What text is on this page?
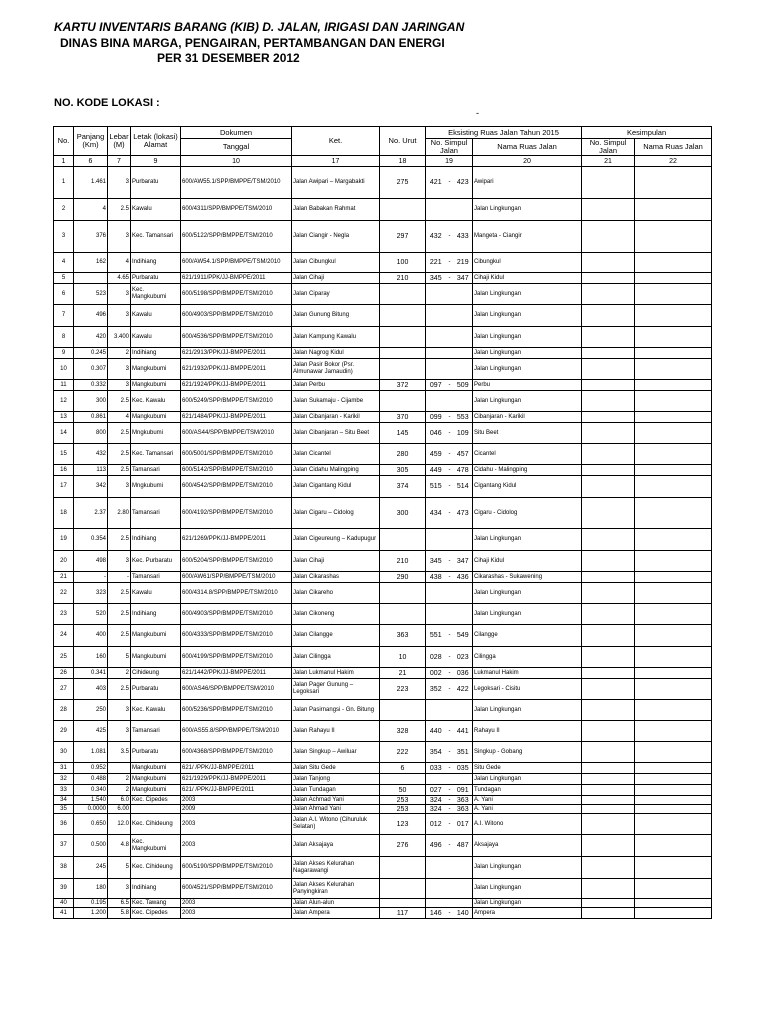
KARTU INVENTARIS BARANG (KIB) D. JALAN, IRIGASI DAN JARINGAN
DINAS BINA MARGA, PENGAIRAN, PERTAMBANGAN DAN ENERGI
PER 31 DESEMBER 2012
NO. KODE LOKASI :
-
No.	Panjang (Km)	Lebar (M)	Letak (lokasi) Alamat	Dokumen	Ket.	No. Urut	Eksisting Ruas Jalan Tahun 2015				Kesimpulan	
				Tanggal			No. Simpul Jalan			Nama Ruas Jalan	No. Simpul Jalan	Nama Ruas Jalan
1	6	7	9	10	17	18	19			20	21	22
1	1.461	3	Purbaratu	600/AW55.1/SPP/BMPPE/TSM/2010	Jalan Awipari – Margabakti	275	421	-	423	Awipari		
2	4	2.5	Kawalu	600/4311/SPP/BMPPE/TSM/2010	Jalan Babakan Rahmat					Jalan Lingkungan		
3	376	3	Kec. Tamansari	600/5122/SPP/BMPPE/TSM/2010	Jalan Ciangir - Negla	297	432	-	433	Mangeta - Ciangir		
4	162	4	Indihiang	600/AW54.1/SPP/BMPPE/TSM/2010	Jalan Cibungkul	100	221	-	219	Cibungkul		
5		4.65	Purbaratu	621/1911/PPK/JJ-BMPPE/2011	Jalan Cihaji	210	345	-	347	Cihaji Kidul		
6	523	3	Kec. Mangkubumi	600/5198/SPP/BMPPE/TSM/2010	Jalan Ciparay					Jalan Lingkungan		
7	496	3	Kawalu	600/4903/SPP/BMPPE/TSM/2010	Jalan Gunung Bitung					Jalan Lingkungan		
8	420	3.400	Kawalu	600/4536/SPP/BMPPE/TSM/2010	Jalan Kampung Kawalu					Jalan Lingkungan		
9	0.245	2	Indihiang	621/2913/PPK/JJ-BMPPE/2011	Jalan Nagrog Kidul					Jalan Lingkungan		
10	0.307	3	Mangkubumi	621/1932/PPK/JJ-BMPPE/2011	Jalan Pasir Bokor (Psr. Almunawar Jamaudin)					Jalan Lingkungan		
11	0.332	3	Mangkubumi	621/1924/PPK/JJ-BMPPE/2011	Jalan Perbu	372	097	-	509	Perbu		
12	300	2.5	Kec. Kawalu	600/5249/SPP/BMPPE/TSM/2010	Jalan Sukamaju - Cijambe					Jalan Lingkungan		
13	0.861	4	Mangkubumi	621/1484/PPK/JJ-BMPPE/2011	Jalan Cibanjaran - Karikil	370	099	-	553	Cibanjaran - Karikil		
14	800	2.5	Mngkubumi	600/AS44/SPP/BMPPE/TSM/2010	Jalan Cibanjaran – Situ Beet	145	046	-	109	Situ Beet		
15	432	2.5	Kec. Tamansari	600/5001/SPP/BMPPE/TSM/2010	Jalan Cicantel	280	459	-	457	Cicantel		
16	113	2.5	Tamansari	600/5142/SPP/BMPPE/TSM/2010	Jalan Cidahu Malingping	305	449	-	478	Cidahu - Malingping		
17	342	3	Mngkubumi	600/4542/SPP/BMPPE/TSM/2010	Jalan Cigantang Kidul	374	515	-	514	Cigantang Kidul		
18	2.37	2.80	Tamansari	600/4192/SPP/BMPPE/TSM/2010	Jalan Cigaru – Cidolog	300	434	-	473	Cigaru - Cidolog		
19	0.354	2.5	Indihiang	621/1269/PPK/JJ-BMPPE/2011	Jalan Cigeureung – Kadupugur					Jalan Lingkungan		
20	498	3	Kec. Purbaratu	600/5204/SPP/BMPPE/TSM/2010	Jalan Cihaji	210	345	-	347	Cihaji Kidul		
21	-	-	Tamansari	600/AW61/SPP/BMPPE/TSM/2010	Jalan Cikarashas	290	438	-	436	Cikarashas - Sukawening		
22	323	2.5	Kawalu	600/4314.8/SPP/BMPPE/TSM/2010	Jalan Cikareho					Jalan Lingkungan		
23	520	2.5	Indihiang	600/4903/SPP/BMPPE/TSM/2010	Jalan Cikoneng					Jalan Lingkungan		
24	400	2.5	Mangkubumi	600/4333/SPP/BMPPE/TSM/2010	Jalan Cilangge	363	551	-	549	Cilangge		
25	160	5	Mangkubumi	600/4199/SPP/BMPPE/TSM/2010	Jalan Cilingga	10	028	-	023	Cilingga		
26	0.341	2	Cihideung	621/1442/PPK/JJ-BMPPE/2011	Jalan Lukmanul Hakim	21	002	-	036	Lukmanul Hakim		
27	403	2.5	Purbaratu	600/AS46/SPP/BMPPE/TSM/2010	Jalan Pager Gunung – Legoksari	223	352	-	422	Legoksari - Cisitu		
28	250	3	Kec. Kawalu	600/5236/SPP/BMPPE/TSM/2010	Jalan Pasirnangsi - Gn. Bitung					Jalan Lingkungan		
29	425	3	Tamansari	600/AS55.8/SPP/BMPPE/TSM/2010	Jalan Rahayu II	328	440	-	441	Rahayu II		
30	1.081	3.5	Purbaratu	600/4368/SPP/BMPPE/TSM/2010	Jalan Singkup – Awiluar	222	354	-	351	Singkup - Gobang		
31	0.952		Mangkubumi	621/ /PPK/JJ-BMPPE/2011	Jalan Situ Gede	6	033	-	035	Situ Gede		
32	0.488	2	Mangkubumi	621/1929/PPK/JJ-BMPPE/2011	Jalan Tanjong					Jalan Lingkungan		
33	0.340	2	Mangkubumi	621/ /PPK/JJ-BMPPE/2011	Jalan Tundagan	50	027	-	091	Tundagan		
34	1.540	6.0	Kec. Cipedes	2003	Jalan Achmad Yani	253	324	-	363	A. Yani		
35	0.0000	6.00		2009	Jalan Ahmad Yani	253	324	-	363	A. Yani		
36	0.650	12.0	Kec. Cihideung	2003	Jalan A.I. Witono (Cihuruluk Selatan)	123	012	-	017	A.I. Witono		
37	0.500	4.8	Kec. Mangkubumi	2003	Jalan Aksajaya	276	496	-	487	Aksajaya		
38	245	5	Kec. Cihideung	600/5190/SPP/BMPPE/TSM/2010	Jalan Akses Kelurahan Nagarawangi					Jalan Lingkungan		
39	180	3	Indihiang	600/4521/SPP/BMPPE/TSM/2010	Jalan Akses Kelurahan Panyingkiran					Jalan Lingkungan		
40	0.195	6.5	Kec. Tawang	2003	Jalan Alun-alun					Jalan Lingkungan		
41	1.200	5.8	Kec. Cipedes	2003	Jalan Ampera	117	146	-	140	Ampera		
